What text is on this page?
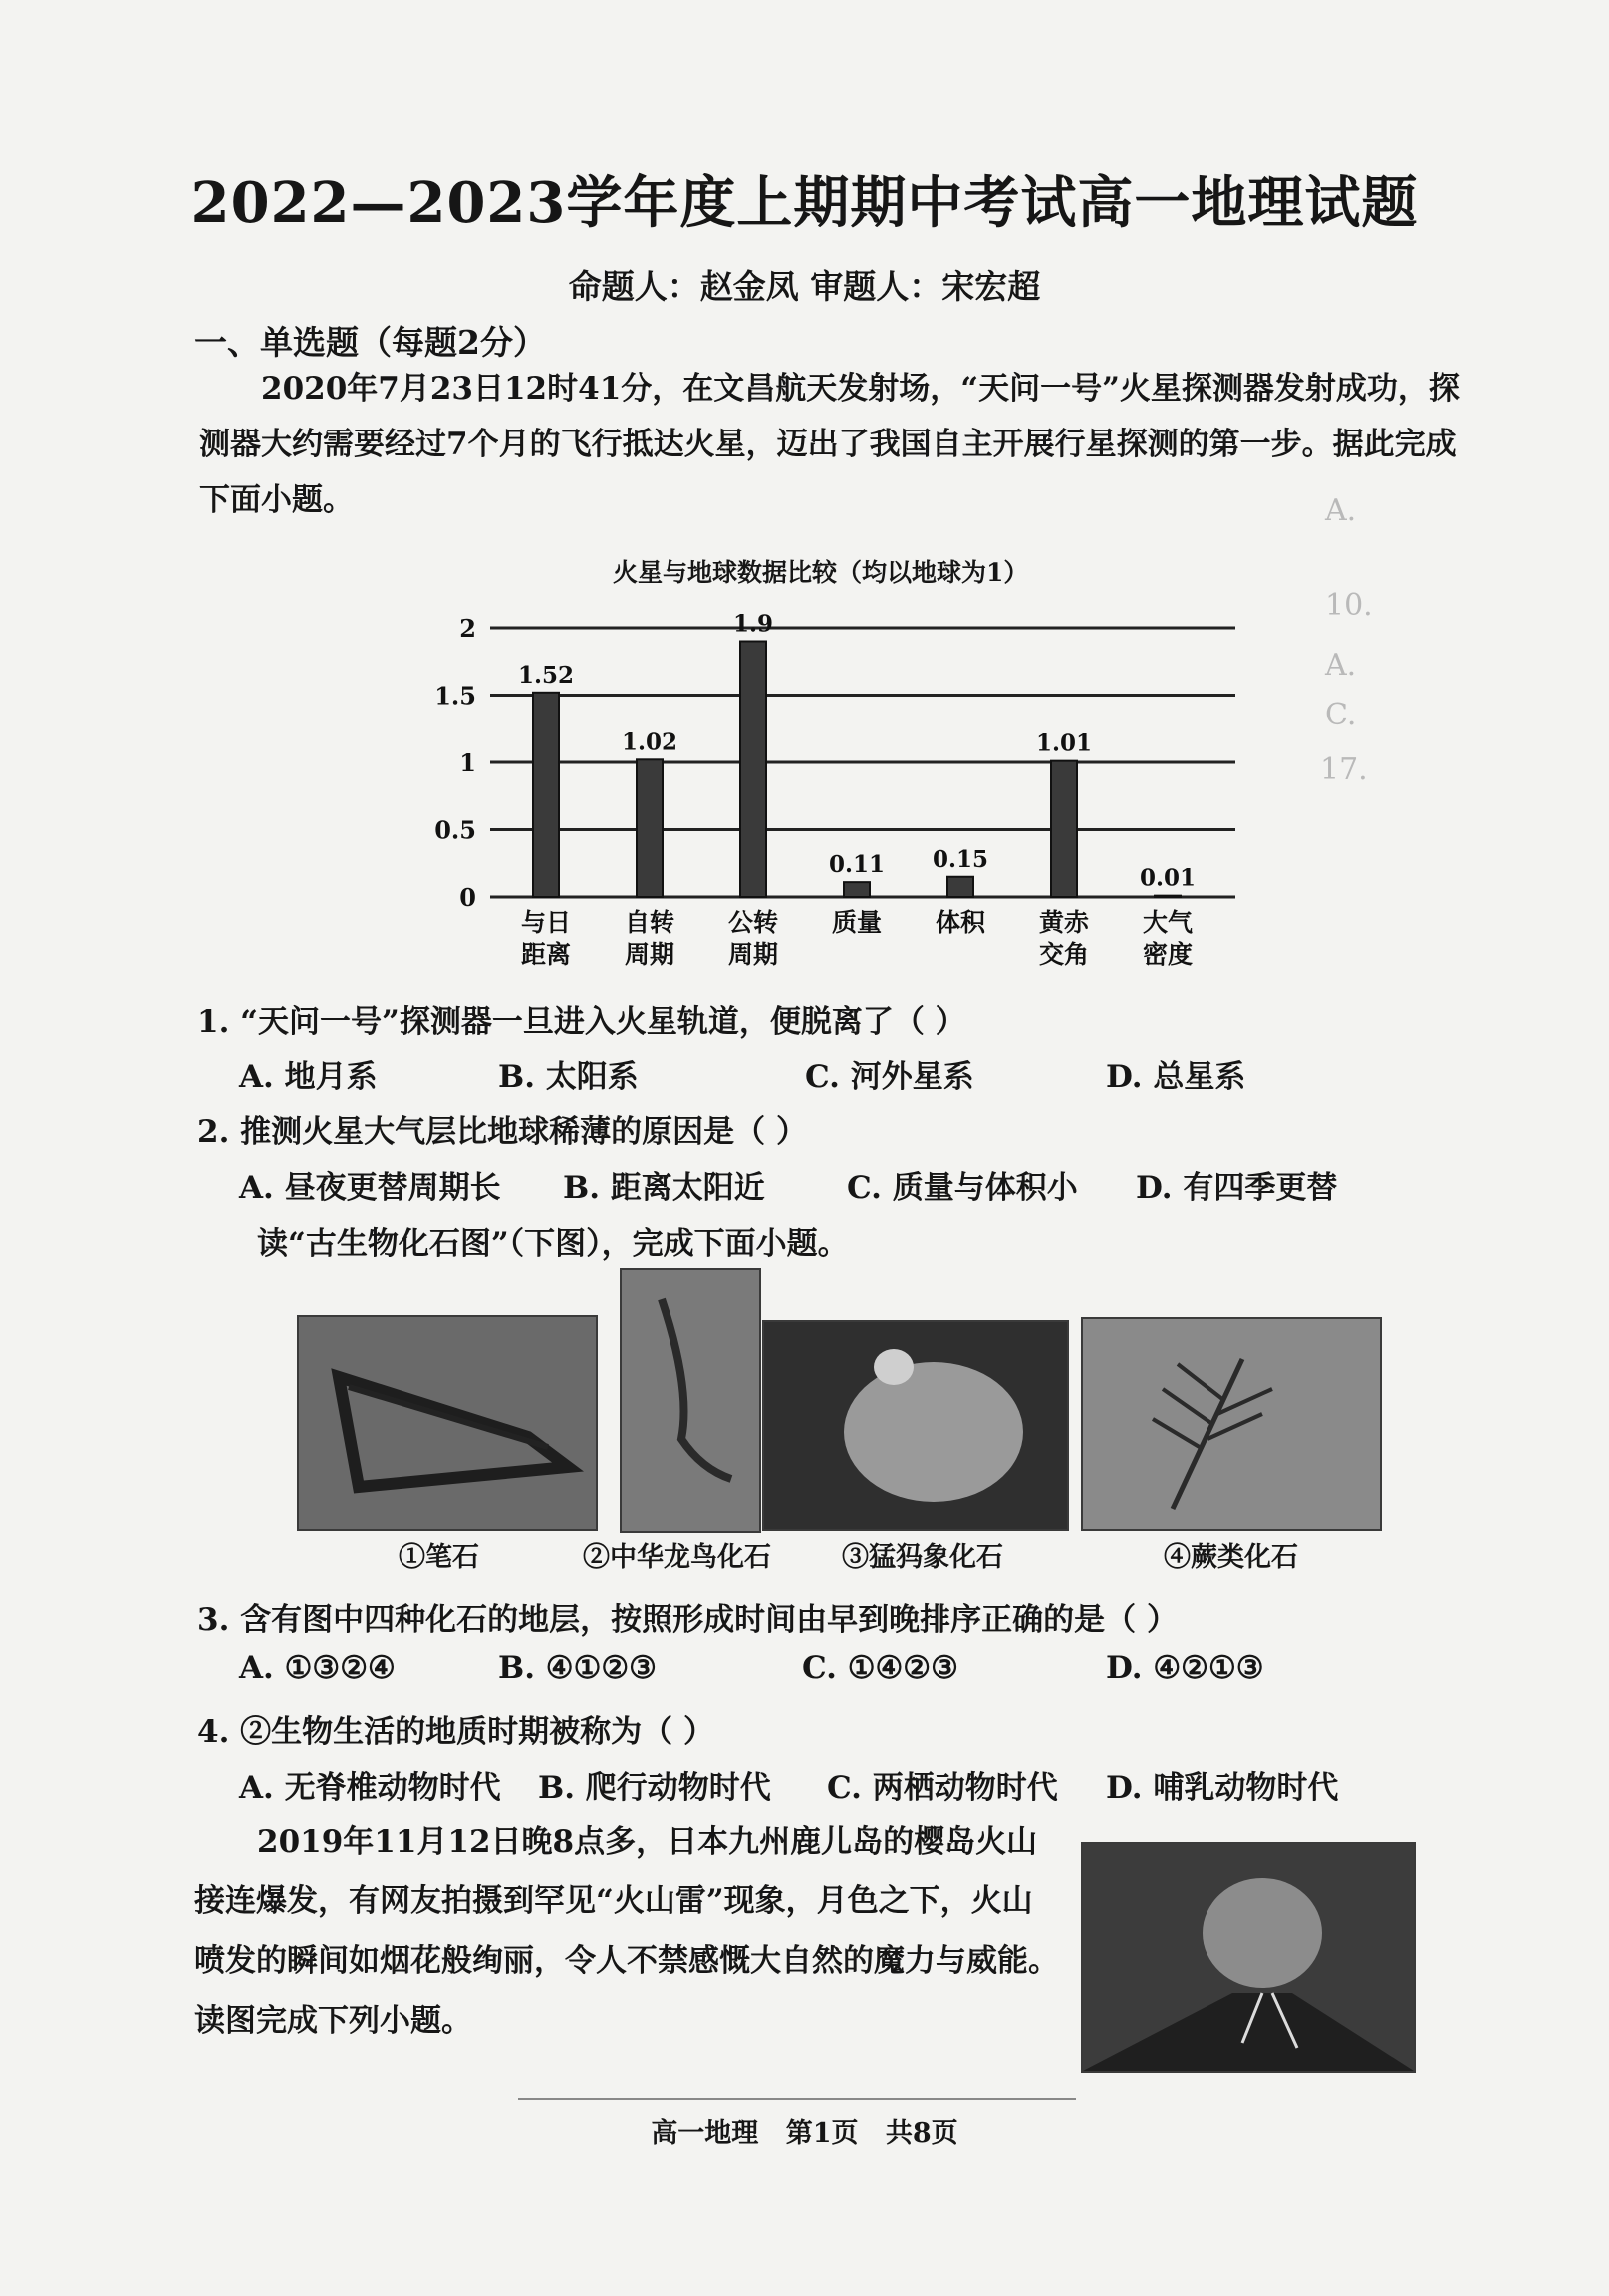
A.
10.
A.
C.
17.
2022—2023学年度上期期中考试高一地理试题
命题人：赵金凤 审题人：宋宏超
一、单选题（每题2分）
2020年7月23日12时41分，在文昌航天发射场，“天问一号”火星探测器发射成功，探
测器大约需要经过7个月的飞行抵达火星，迈出了我国自主开展行星探测的第一步。据此完成
下面小题。
火星与地球数据比较（均以地球为1）
0
0.5
1
1.5
2
1.52
与日
距离
1.02
自转
周期
1.9
公转
周期
0.11
质量
0.15
体积
1.01
黄赤
交角
0.01
大气
密度
1. “天问一号”探测器一旦进入火星轨道，便脱离了（ ）
A. 地月系	B. 太阳系	C. 河外星系	D. 总星系
2. 推测火星大气层比地球稀薄的原因是（ ）
A. 昼夜更替周期长 B. 距离太阳近	C. 质量与体积小 D. 有四季更替
读“古生物化石图”（下图），完成下面小题。
①笔石	②中华龙鸟化石	③猛犸象化石	④蕨类化石
3. 含有图中四种化石的地层，按照形成时间由早到晚排序正确的是（ ）
A. ①③②④	B. ④①②③	C. ①④②③	D. ④②①③
4. ②生物生活的地质时期被称为（ ）
A. 无脊椎动物时代 B. 爬行动物时代 C. 两栖动物时代 D. 哺乳动物时代
2019年11月12日晚8点多，日本九州鹿儿岛的樱岛火山
接连爆发，有网友拍摄到罕见“火山雷”现象，月色之下，火山
喷发的瞬间如烟花般绚丽，令人不禁感慨大自然的魔力与威能。
读图完成下列小题。
高一地理 第1页 共8页
